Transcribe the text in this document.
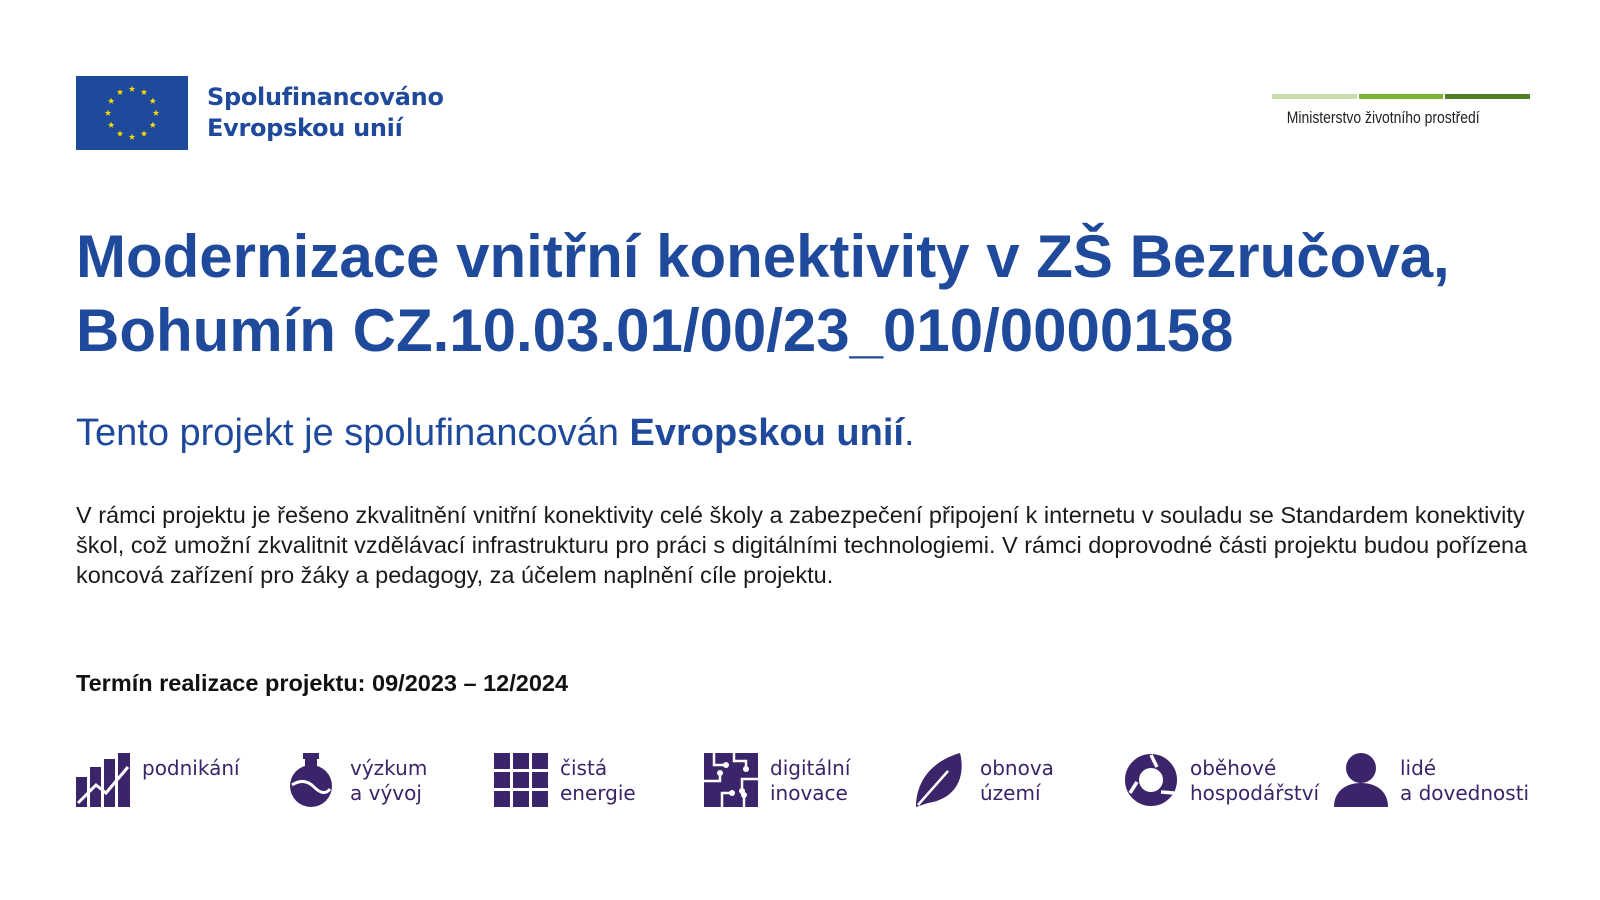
Spolufinancováno
Evropskou unií	Ministerstvo životního prostředí
Modernizace vnitřní konektivity v ZŠ Bezručova,
Bohumín CZ.10.03.01/00/23_010/0000158

Tento projekt je spolufinancován Evropskou unií.

V rámci projektu je řešeno zkvalitnění vnitřní konektivity celé školy a zabezpečení připojení k internetu v souladu se Standardem konektivity škol, což umožní zkvalitnit vzdělávací infrastrukturu pro práci s digitálními technologiemi. V rámci doprovodné části projektu budou pořízena koncová zařízení pro žáky a pedagogy, za účelem naplnění cíle projektu.

Termín realizace projektu: 09/2023 – 12/2024

podnikání	výzkum
a vývoj
čistá
energie
digitální
inovace
obnova
území
oběhové
hospodářství
lidé
a dovednosti
